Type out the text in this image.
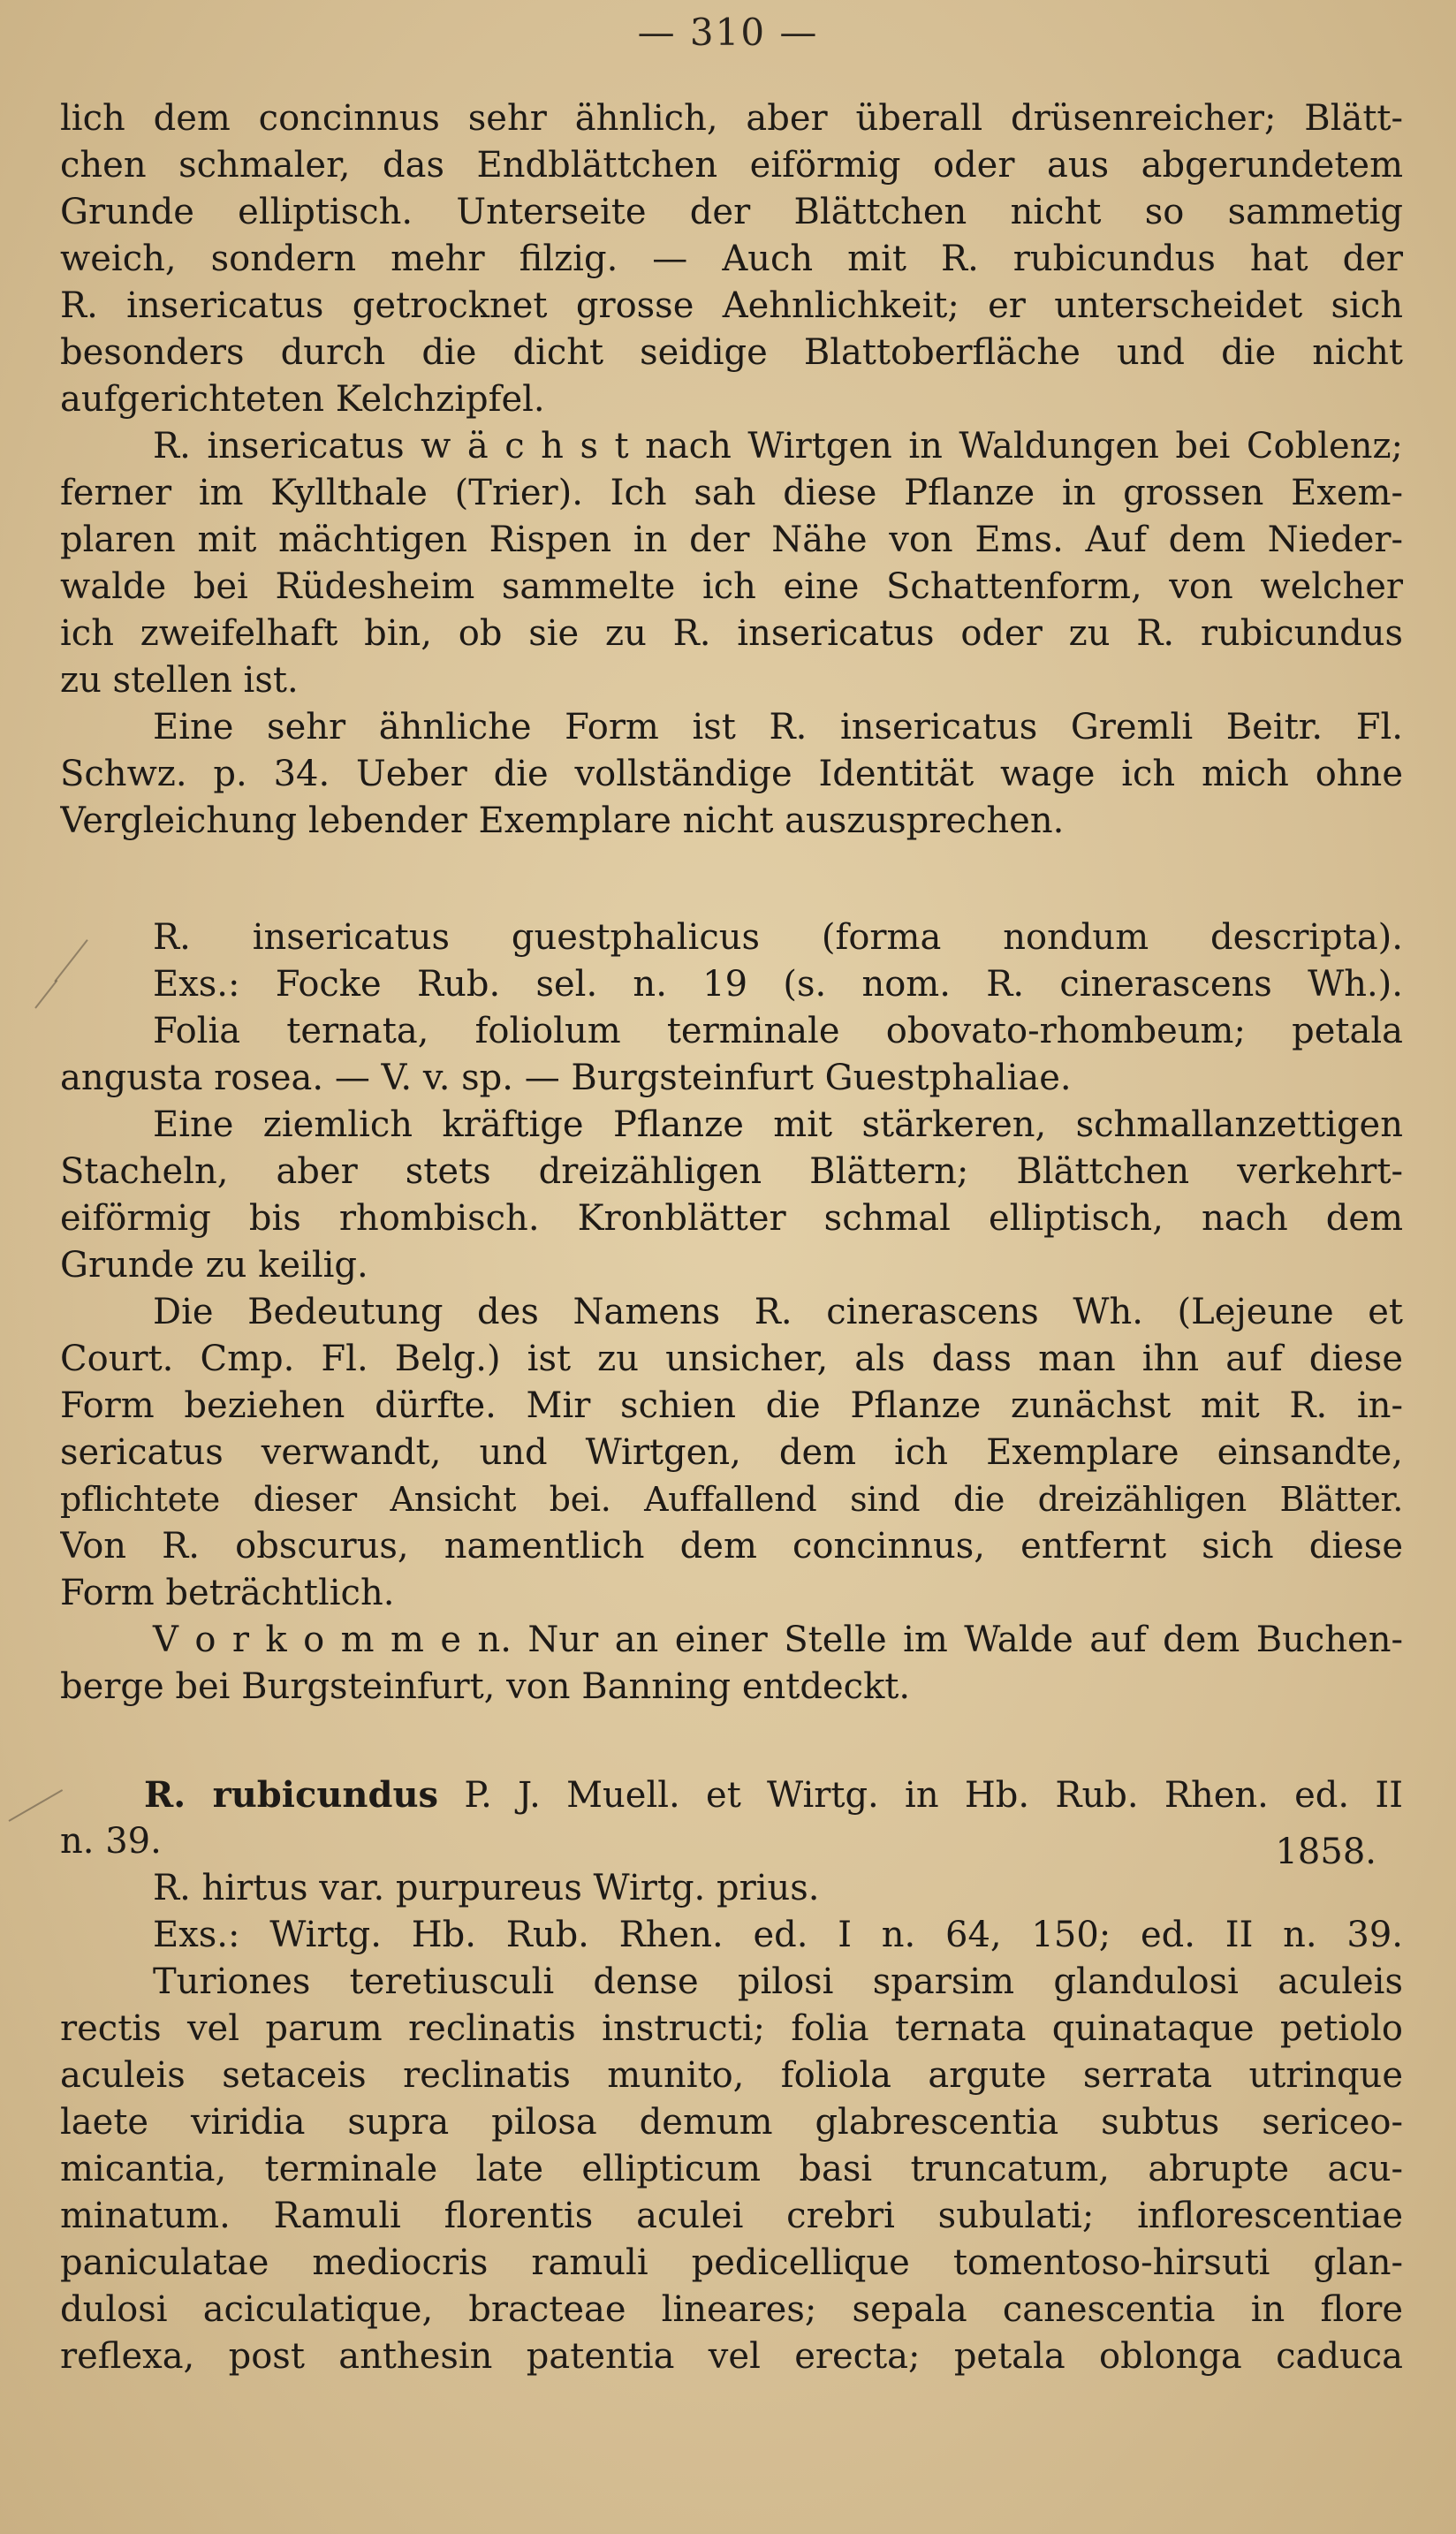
— 310 —
lich dem concinnus sehr ähnlich, aber überall drüsenreicher; Blätt-
chen schmaler, das Endblättchen eiförmig oder aus abgerundetem
Grunde elliptisch. Unterseite der Blättchen nicht so sammetig
weich, sondern mehr filzig. — Auch mit R. rubicundus hat der
R. insericatus getrocknet grosse Aehnlichkeit; er unterscheidet sich
besonders durch die dicht seidige Blattoberfläche und die nicht
aufgerichteten Kelchzipfel.
R. insericatus w ä c h s t nach Wirtgen in Waldungen bei Coblenz;
ferner im Kyllthale (Trier). Ich sah diese Pflanze in grossen Exem-
plaren mit mächtigen Rispen in der Nähe von Ems. Auf dem Nieder-
walde bei Rüdesheim sammelte ich eine Schattenform, von welcher
ich zweifelhaft bin, ob sie zu R. insericatus oder zu R. rubicundus
zu stellen ist.
Eine sehr ähnliche Form ist R. insericatus Gremli Beitr. Fl.
Schwz. p. 34. Ueber die vollständige Identität wage ich mich ohne
Vergleichung lebender Exemplare nicht auszusprechen.
R. insericatus guestphalicus (forma nondum descripta).
Exs.: Focke Rub. sel. n. 19 (s. nom. R. cinerascens Wh.).
Folia ternata, foliolum terminale obovato-rhombeum; petala
angusta rosea. — V. v. sp. — Burgsteinfurt Guestphaliae.
Eine ziemlich kräftige Pflanze mit stärkeren, schmallanzettigen
Stacheln, aber stets dreizähligen Blättern; Blättchen verkehrt-
eiförmig bis rhombisch. Kronblätter schmal elliptisch, nach dem
Grunde zu keilig.
Die Bedeutung des Namens R. cinerascens Wh. (Lejeune et
Court. Cmp. Fl. Belg.) ist zu unsicher, als dass man ihn auf diese
Form beziehen dürfte. Mir schien die Pflanze zunächst mit R. in-
sericatus verwandt, und Wirtgen, dem ich Exemplare einsandte,
pflichtete dieser Ansicht bei. Auffallend sind die dreizähligen Blätter.
Von R. obscurus, namentlich dem concinnus, entfernt sich diese
Form beträchtlich.
V o r k o m m e n. Nur an einer Stelle im Walde auf dem Buchen-
berge bei Burgsteinfurt, von Banning entdeckt.
R. rubicundus P. J. Muell. et Wirtg. in Hb. Rub. Rhen. ed. II
n. 39.	1858.
R. hirtus var. purpureus Wirtg. prius.
Exs.: Wirtg. Hb. Rub. Rhen. ed. I n. 64, 150; ed. II n. 39.
Turiones teretiusculi dense pilosi sparsim glandulosi aculeis
rectis vel parum reclinatis instructi; folia ternata quinataque petiolo
aculeis setaceis reclinatis munito, foliola argute serrata utrinque
laete viridia supra pilosa demum glabrescentia subtus sericeo-
micantia, terminale late ellipticum basi truncatum, abrupte acu-
minatum. Ramuli florentis aculei crebri subulati; inflorescentiae
paniculatae mediocris ramuli pedicellique tomentoso-hirsuti glan-
dulosi aciculatique, bracteae lineares; sepala canescentia in flore
reflexa, post anthesin patentia vel erecta; petala oblonga caduca
